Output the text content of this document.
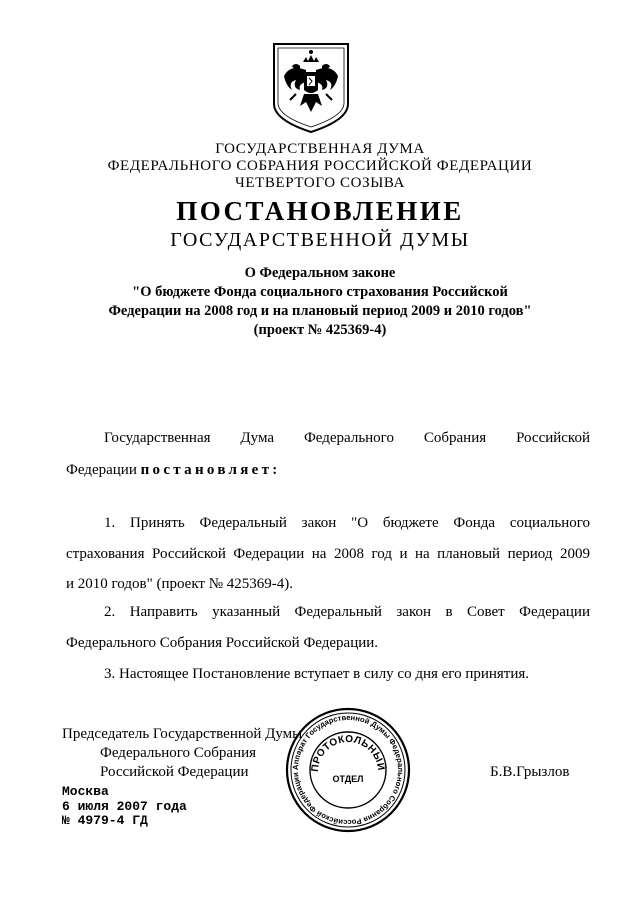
ГОСУДАРСТВЕННАЯ ДУМА
ФЕДЕРАЛЬНОГО СОБРАНИЯ РОССИЙСКОЙ ФЕДЕРАЦИИ
ЧЕТВЕРТОГО СОЗЫВА
ПОСТАНОВЛЕНИЕ
ГОСУДАРСТВЕННОЙ ДУМЫ
О Федеральном законе
"О бюджете Фонда социального страхования Российской
Федерации на 2008 год и на плановый период 2009 и 2010 годов"
(проект № 425369-4)
Государственная Дума Федерального Собрания Российской
Федерации постановляет:
1. Принять Федеральный закон "О бюджете Фонда социального
страхования Российской Федерации на 2008 год и на плановый период 2009
и 2010 годов" (проект № 425369-4).
2. Направить указанный Федеральный закон в Совет Федерации
Федерального Собрания Российской Федерации.
3. Настоящее Постановление вступает в силу со дня его принятия.
Председатель Государственной Думы
Федерального Собрания
Российской Федерации	Б.В.Грызлов
Москва
6 июля 2007 года
№ 4979-4 ГД
Аппарат Государственной Думы Федерального Собрания Российской Федерации
ПРОТОКОЛЬНЫЙ
ОТДЕЛ
